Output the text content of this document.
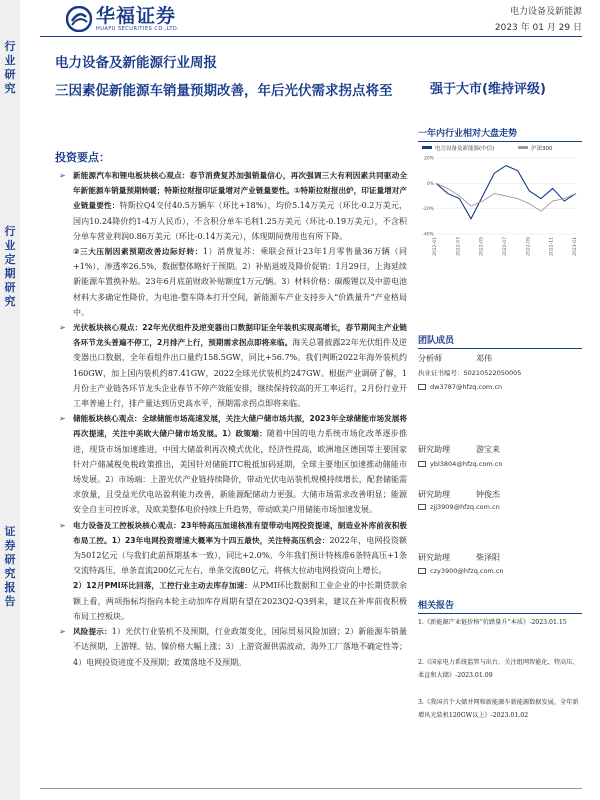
行业研究
行业定期研究
证券研究报告
华福证券
HUAFU SECURITIES CO.,LTD.
电力设备及新能源
2023 年 01 月 29 日
电力设备及新能源行业周报
三因素促新能源车销量预期改善，年后光伏需求拐点将至	强于大市(维持评级)
投资要点：

➢ 新能源汽车和锂电板块核心观点：春节消费复苏加强销量信心，再次强调三大有利因素共同驱动全年新能源车销量预期转暖；特斯拉财报印证量增对产业链量要性。①特斯拉财报出炉，印证量增对产业链量要性：特斯拉Q4交付40.5万辆车（环比+18%），均价5.14万美元（环比-0.2万美元，国内10.24降价约1-4万人民币），不含积分单车毛利1.25万美元（环比-0.19万美元），不含积分单车营业利润0.86万美元（环比-0.14万美元），体现期间费用也有所下降。

②三大压制因素预期改善边际好转：1）消费复苏：乘联会预计23年1月零售量36万辆（同+1%），渗透率26.5%，数据整体略好于预期。2）补贴退坡及降价促销：1月29日，上海延续新能源车置换补贴。23年6月底前财政补贴额度1万元/辆。3）材料价格：碳酸锂以及中游电池材料大多确定性降价，为电池-整车降本打开空间，新能源车产业支持步入“价跌量升”产业格局中。

➢ 光伏板块核心观点：22年光伏组件及逆变器出口数据印证全年装机实现高增长，春节期间主产业链各环节龙头普遍不停工，2月排产上行，预期需求拐点即将来临。海关总署披露22年光伏组件及逆变器出口数据，全年看组件出口量约158.5GW，同比+56.7%。我们判断2022年海外装机约160GW，加上国内装机约87.41GW，2022全球光伏装机约247GW。根据产业调研了解，1月份主产业链各环节龙头企业春节不停产效能安排，继续保持较高的开工率运行，2月份行业开工率普遍上行，排产量达到历史高水平，预期需求拐点即将来临。

➢ 储能板块核心观点：全球储能市场高速发展，关注大储户储市场共振，2023年全球储能市场发展将再次提速，关注中美欧大储户储市场发展。1）政策端：随着中国的电力系统市场化改革逐步推进，现货市场加速推进，中国大储盈利再次模式优化，经济性提高，欧洲地区德国等主要国家针对户储减税免税政策推出，美国针对储能ITC税抵加码延期，全球主要地区加速推动储能市场发展。2）市场端：上游光伏产业链持续降价，带动光伏电站装机规模持续增长，配套储能需求放量，且受益光伏电站盈利能力改善，新能源配储动力更强。大储市场需求改善明显；能源安全自主可控诉求，及欧美整体电价持续上升趋势，带动欧美户用储能市场加速发展。

➢ 电力设备及工控板块核心观点：23年特高压加速核准有望带动电网投资提速，制造业补库前夜积极布局工控。1）23年电网投资增速大概率为十四五最快，关注特高压机会：2022年，电网投资额为5012亿元（与我们此前预期基本一致），同比+2.0%。今年我们预计特核准6条特高压+1条交流特高压，单条直流200亿元左右，单条交流80亿元，将核大拉动电网投资向上增长。

2）12月PMI环比回落，工控行业主动去库存加速：从PMI环比数据和工业企业的中长期贷款余额上看，两项指标均指向本轮主动加库存周期有望在2023Q2-Q3到来，建议在补库前夜积极布局工控板块。

➢ 风险提示：1）光伏行业装机不及预期，行业政策变化，国际贸易风险加剧；2）新能源车销量不达预期，上游锂、钴、镍价格大幅上涨；3）上游资源供需波动，海外工厂落地不确定性等；4）电网投资进度不及预期；政策落地不及预期。

一年内行业相对大盘走势
电力设备及新能源(中信)	沪深300
-40%
-20%
0%
20%
2022-01	2022-03	2022-05	2022-07	2022-09	2022-11	2023-01
团队成员
分析师	邓伟
执业证书编号：S0210522050005
dw3787@hfzq.com.cn
研究助理	游宝来
ybl3804@hfzq.com.cn
研究助理	钟俊杰
zjj3909@hfzq.com.cn
研究助理	柴泽阳
czy3900@hfzq.com.cn
相关报告
1.《新能源产业链价格“价跌量升”本质》-2023.01.15
2.《国家电力系统监管与出台，关注组网智能化、特高压、柔直和大储》-2023.01.09
3.《我国首个大储并网和新能源车新能源数据发展，全年新增风光装机120GW以上》-2023.01.02
